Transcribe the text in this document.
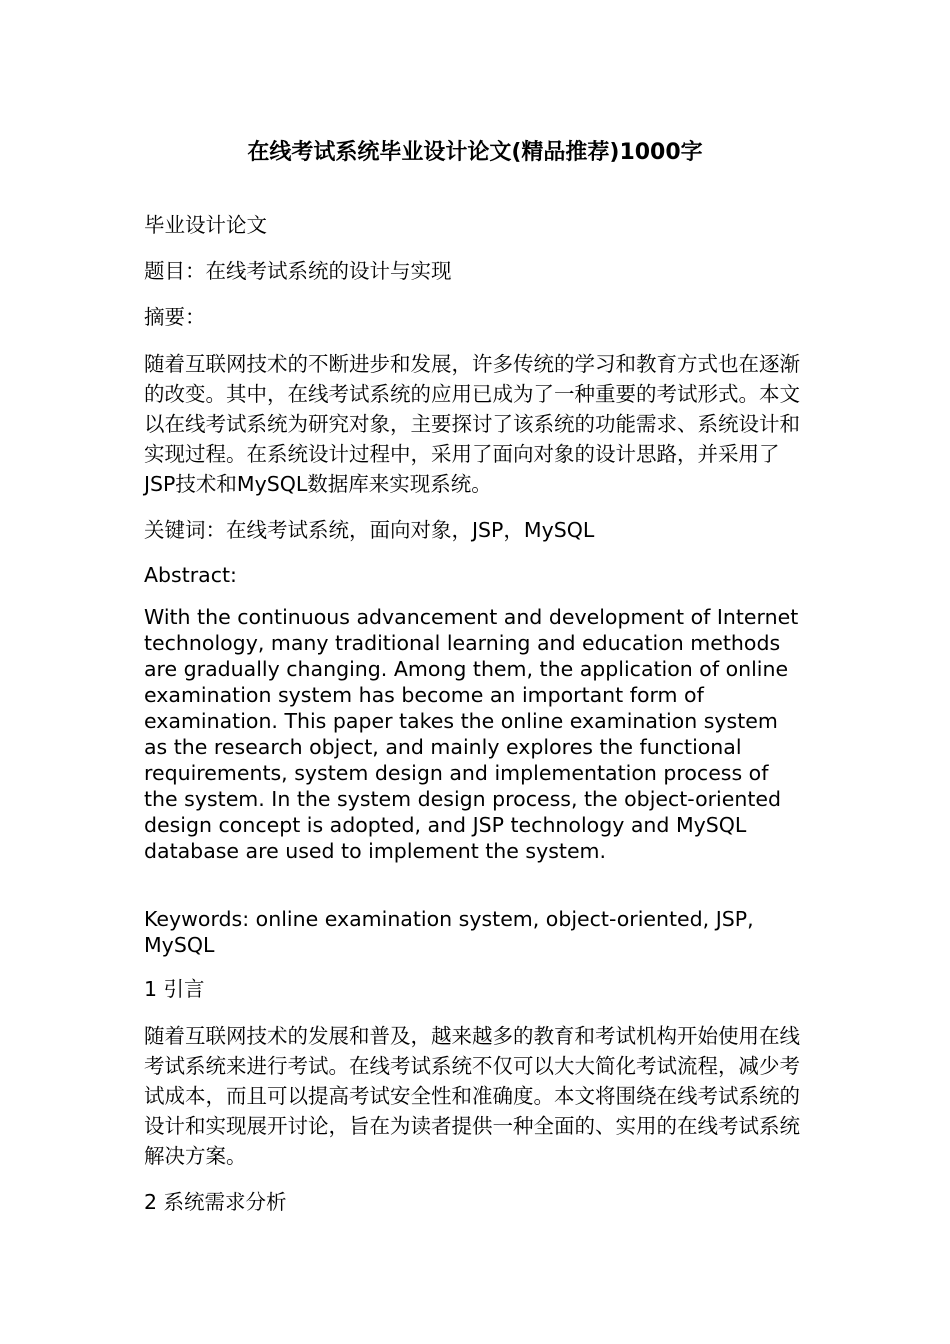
在线考试系统毕业设计论文(精品推荐)1000字

毕业设计论文

题目：在线考试系统的设计与实现

摘要：

随着互联网技术的不断进步和发展，许多传统的学习和教育方式也在逐渐的改变。其中，在线考试系统的应用已成为了一种重要的考试形式。本文以在线考试系统为研究对象，主要探讨了该系统的功能需求、系统设计和实现过程。在系统设计过程中，采用了面向对象的设计思路，并采用了JSP技术和MySQL数据库来实现系统。

关键词：在线考试系统，面向对象，JSP，MySQL

Abstract:

With the continuous advancement and development of Internet technology, many traditional learning and education methods are gradually changing. Among them, the application of online examination system has become an important form of examination. This paper takes the online examination system as the research object, and mainly explores the functional requirements, system design and implementation process of the system. In the system design process, the object-oriented design concept is adopted, and JSP technology and MySQL database are used to implement the system.

Keywords: online examination system, object-oriented, JSP, MySQL

1 引言

随着互联网技术的发展和普及，越来越多的教育和考试机构开始使用在线考试系统来进行考试。在线考试系统不仅可以大大简化考试流程，减少考试成本，而且可以提高考试安全性和准确度。本文将围绕在线考试系统的设计和实现展开讨论，旨在为读者提供一种全面的、实用的在线考试系统解决方案。

2 系统需求分析
